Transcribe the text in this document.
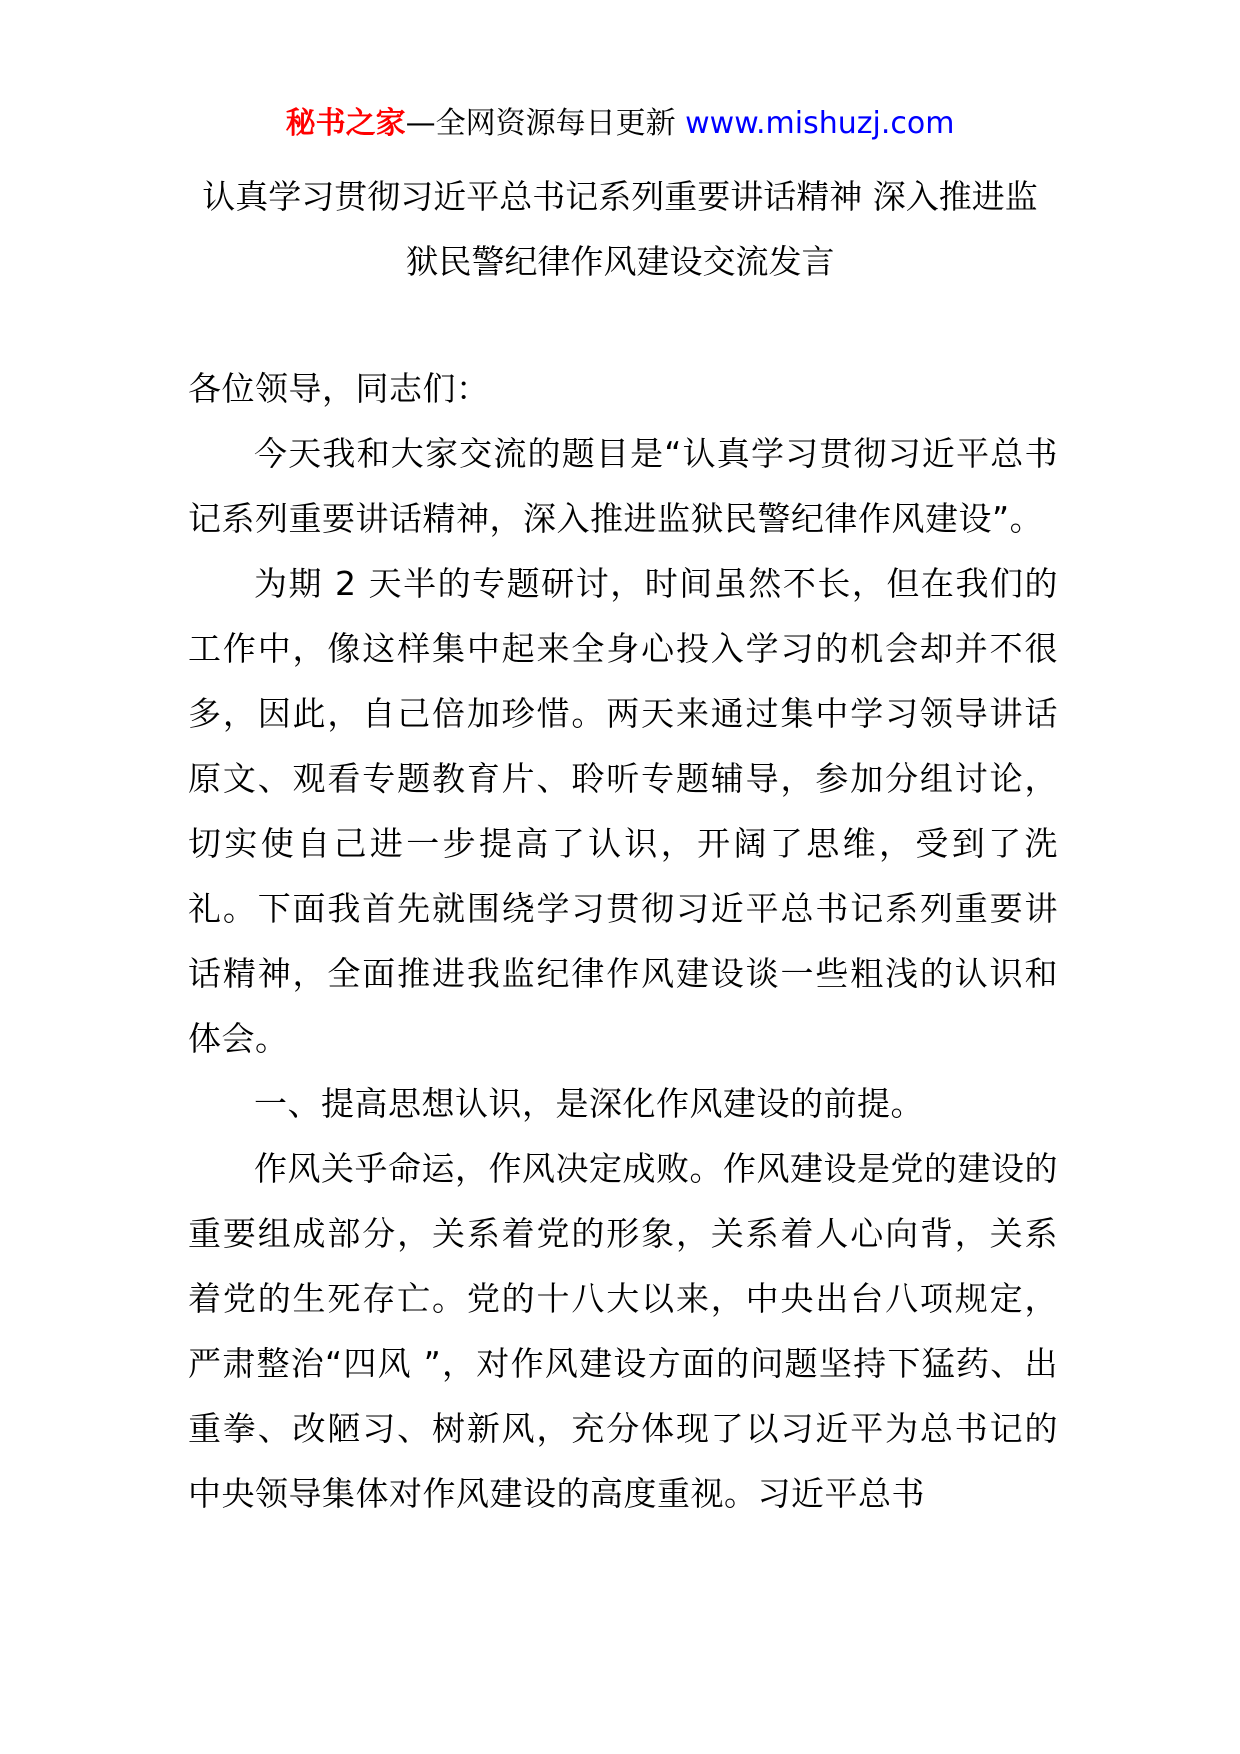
秘书之家—全网资源每日更新 www.mishuzj.com
认真学习贯彻习近平总书记系列重要讲话精神 深入推进监
狱民警纪律作风建设交流发言

各位领导，同志们：

今天我和大家交流的题目是“认真学习贯彻习近平总书记系列重要讲话精神，深入推进监狱民警纪律作风建设”。

为期 2 天半的专题研讨，时间虽然不长，但在我们的工作中，像这样集中起来全身心投入学习的机会却并不很多，因此，自己倍加珍惜。两天来通过集中学习领导讲话原文、观看专题教育片、聆听专题辅导，参加分组讨论，切实使自己进一步提高了认识，开阔了思维，受到了洗礼。下面我首先就围绕学习贯彻习近平总书记系列重要讲话精神，全面推进我监纪律作风建设谈一些粗浅的认识和体会。

一、提高思想认识，是深化作风建设的前提。

作风关乎命运，作风决定成败。作风建设是党的建设的重要组成部分，关系着党的形象，关系着人心向背，关系着党的生死存亡。党的十八大以来，中央出台八项规定，严肃整治“四风 ”，对作风建设方面的问题坚持下猛药、出重拳、改陋习、树新风，充分体现了以习近平为总书记的中央领导集体对作风建设的高度重视。习近平总书
